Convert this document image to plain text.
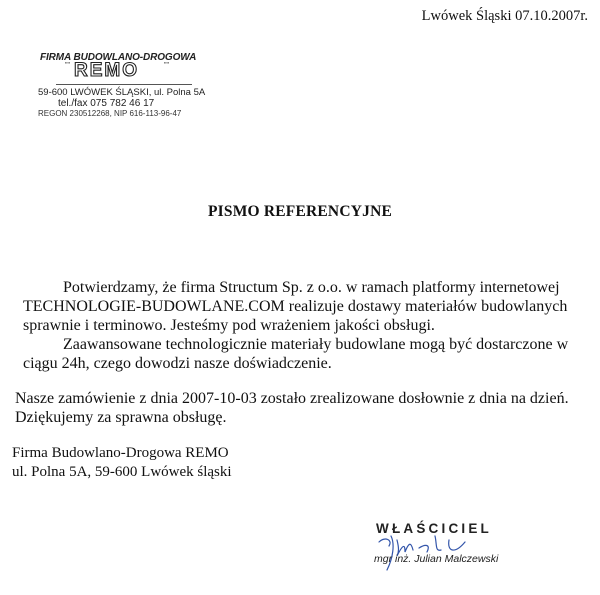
Lwówek Śląski 07.10.2007r.
FIRMA BUDOWLANO-DROGOWA
"" REMO	""
59-600 LWÓWEK ŚLĄSKI, ul. Polna 5A
tel./fax 075 782 46 17
REGON 230512268, NIP 616-113-96-47
PISMO REFERENCYJNE
Potwierdzamy, że firma Structum Sp. z o.o. w ramach platformy internetowej
TECHNOLOGIE-BUDOWLANE.COM realizuje dostawy materiałów budowlanych
sprawnie i terminowo. Jesteśmy pod wrażeniem jakości obsługi.
Zaawansowane technologicznie materiały budowlane mogą być dostarczone w
ciągu 24h, czego dowodzi nasze doświadczenie.
Nasze zamówienie z dnia 2007-10-03 zostało zrealizowane dosłownie z dnia na dzień.
Dziękujemy za sprawna obsługę.
Firma Budowlano-Drogowa REMO
ul. Polna 5A, 59-600 Lwówek śląski
WŁAŚCICIEL
mgr inż. Julian Malczewski
